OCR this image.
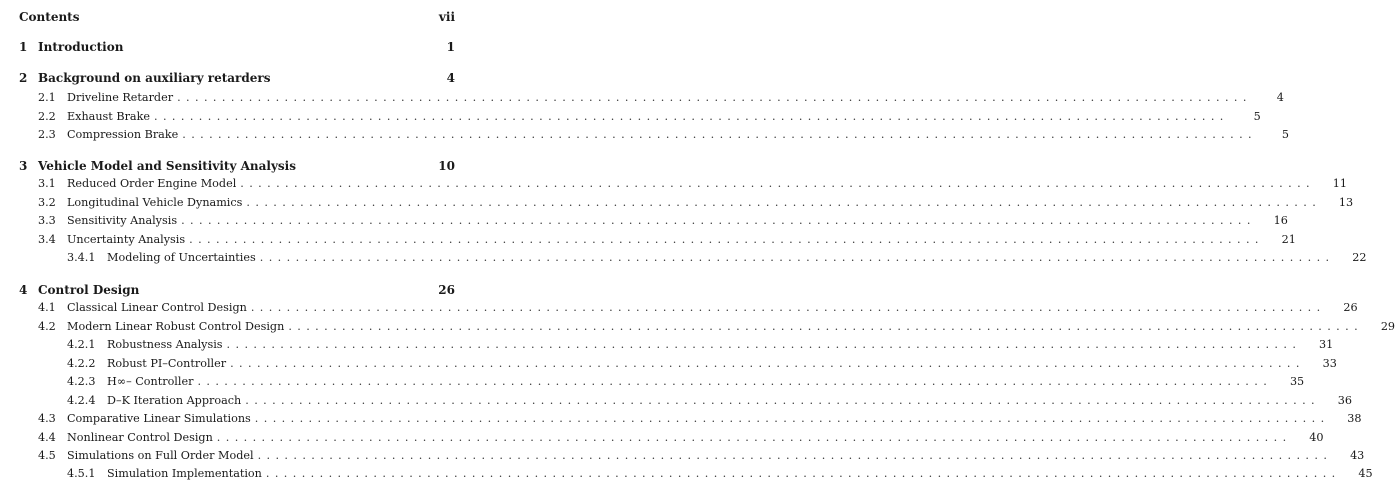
Contents	vii
1 Introduction	1
2 Background on auxiliary retarders	4
2.1	Driveline Retarder ........................................................................................................................	4
2.2	Exhaust Brake ........................................................................................................................	5
2.3	Compression Brake ........................................................................................................................	5
3 Vehicle Model and Sensitivity Analysis	10
3.1	Reduced Order Engine Model ........................................................................................................................	11
3.2	Longitudinal Vehicle Dynamics ........................................................................................................................	13
3.3	Sensitivity Analysis ........................................................................................................................	16
3.4	Uncertainty Analysis ........................................................................................................................	21
3.4.1	Modeling of Uncertainties ........................................................................................................................	22
4 Control Design	26
4.1	Classical Linear Control Design ........................................................................................................................	26
4.2	Modern Linear Robust Control Design ........................................................................................................................	29
4.2.1	Robustness Analysis ........................................................................................................................	31
4.2.2	Robust PI–Controller ........................................................................................................................	33
4.2.3	H∞– Controller ........................................................................................................................	35
4.2.4	D–K Iteration Approach ........................................................................................................................	36
4.3	Comparative Linear Simulations ........................................................................................................................	38
4.4	Nonlinear Control Design ........................................................................................................................	40
4.5	Simulations on Full Order Model ........................................................................................................................	43
4.5.1	Simulation Implementation ........................................................................................................................	45
